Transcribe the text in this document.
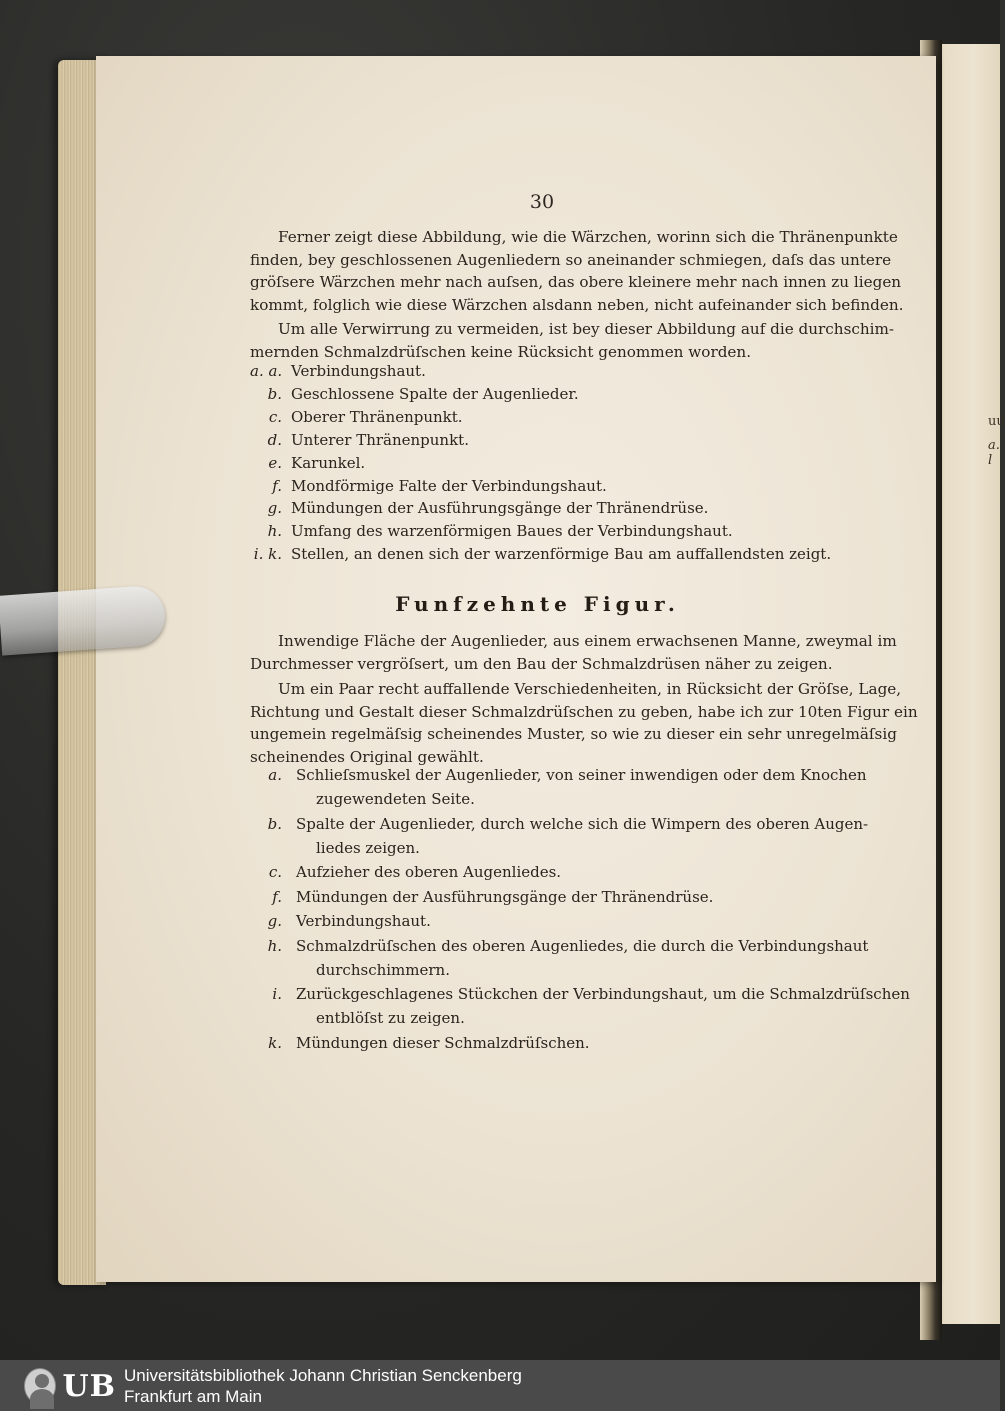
uu
a. l
30
Ferner zeigt diese Abbildung, wie die Wärzchen, worinn sich die Thränenpunkte
finden, bey geschlossenen Augenliedern so aneinander schmiegen, daſs das untere
gröſsere Wärzchen mehr nach auſsen, das obere kleinere mehr nach innen zu liegen
kommt, folglich wie diese Wärzchen alsdann neben, nicht aufeinander sich befinden.
Um alle Verwirrung zu vermeiden, ist bey dieser Abbildung auf die durchschim-
mernden Schmalzdrüſschen keine Rücksicht genommen worden.
a. a. Verbindungshaut.
b. Geschlossene Spalte der Augenlieder.
c. Oberer Thränenpunkt.
d. Unterer Thränenpunkt.
e. Karunkel.
f. Mondförmige Falte der Verbindungshaut.
g. Mündungen der Ausführungsgänge der Thränendrüse.
h. Umfang des warzenförmigen Baues der Verbindungshaut.
i. k. Stellen, an denen sich der warzenförmige Bau am auffallendsten zeigt.
Funfzehnte Figur.
Inwendige Fläche der Augenlieder, aus einem erwachsenen Manne, zweymal im
Durchmesser vergröſsert, um den Bau der Schmalzdrüsen näher zu zeigen.
Um ein Paar recht auffallende Verschiedenheiten, in Rücksicht der Gröſse, Lage,
Richtung und Gestalt dieser Schmalzdrüſschen zu geben, habe ich zur 10ten Figur ein
ungemein regelmäſsig scheinendes Muster, so wie zu dieser ein sehr unregelmäſsig
scheinendes Original gewählt.
a. Schlieſsmuskel der Augenlieder, von seiner inwendigen oder dem Knochen
zugewendeten Seite.
b. Spalte der Augenlieder, durch welche sich die Wimpern des oberen Augen-
liedes zeigen.
c. Aufzieher des oberen Augenliedes.
f. Mündungen der Ausführungsgänge der Thränendrüse.
g. Verbindungshaut.
h. Schmalzdrüſschen des oberen Augenliedes, die durch die Verbindungshaut
durchschimmern.
i. Zurückgeschlagenes Stückchen der Verbindungshaut, um die Schmalzdrüſschen
entblöſst zu zeigen.
k. Mündungen dieser Schmalzdrüſschen.
UB Universitätsbibliothek Johann Christian Senckenberg
Frankfurt am Main
